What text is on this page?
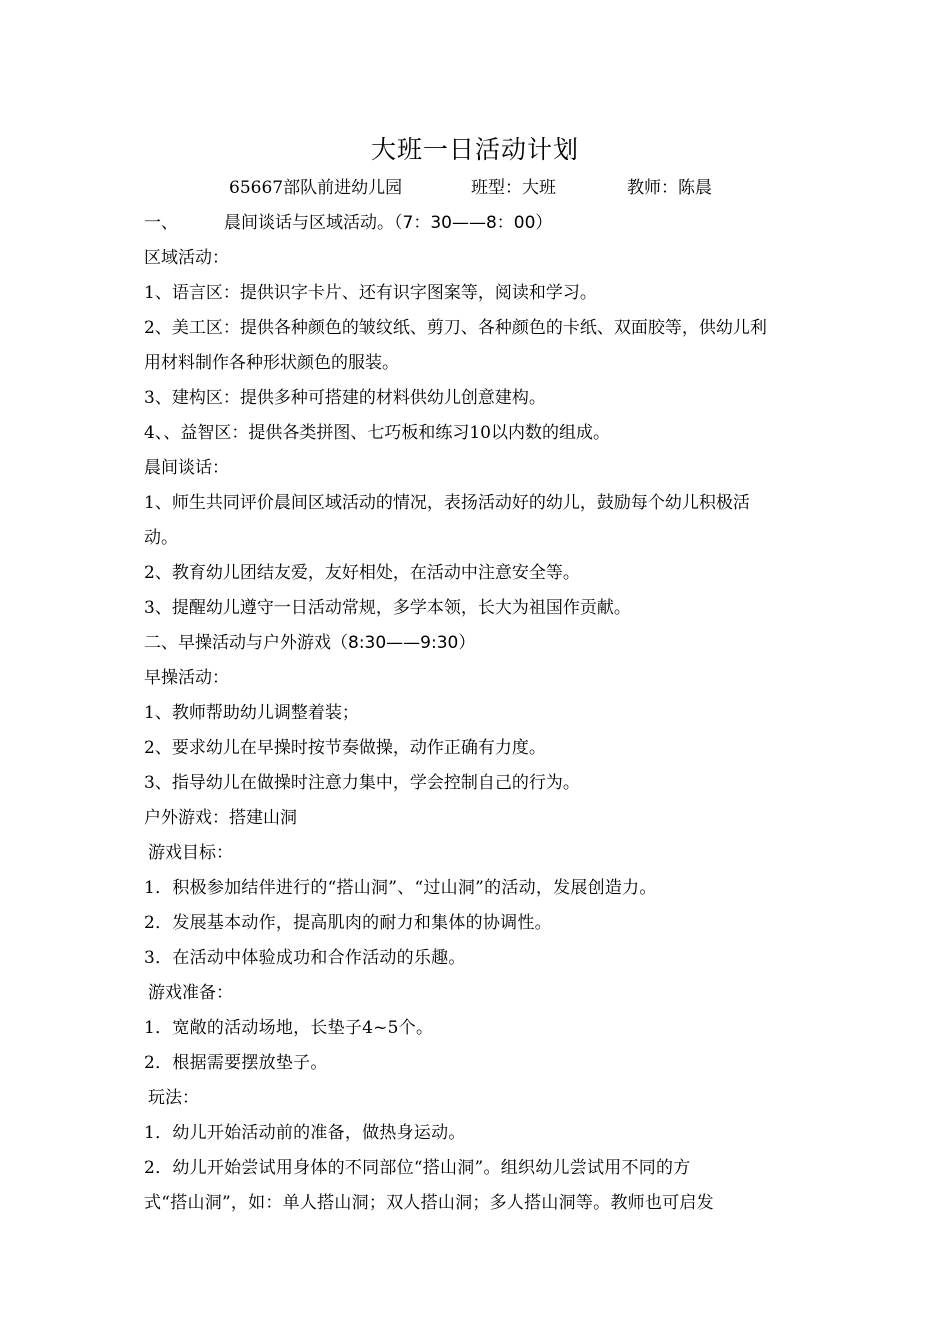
大班一日活动计划
65667部队前进幼儿园	班型：大班	教师：陈晨
一、	晨间谈话与区域活动。（7：30——8：00）
区域活动：
1、语言区：提供识字卡片、还有识字图案等，阅读和学习。
2、美工区：提供各种颜色的皱纹纸、剪刀、各种颜色的卡纸、双面胶等，供幼儿利
用材料制作各种形状颜色的服装。
3、建构区：提供多种可搭建的材料供幼儿创意建构。
4、、益智区：提供各类拼图、七巧板和练习10以内数的组成。
晨间谈话：
1、师生共同评价晨间区域活动的情况，表扬活动好的幼儿，鼓励每个幼儿积极活
动。
2、教育幼儿团结友爱，友好相处，在活动中注意安全等。
3、提醒幼儿遵守一日活动常规，多学本领，长大为祖国作贡献。
二、早操活动与户外游戏（8:30——9:30）
早操活动：
1、教师帮助幼儿调整着装；
2、要求幼儿在早操时按节奏做操，动作正确有力度。
3、指导幼儿在做操时注意力集中，学会控制自己的行为。
户外游戏：搭建山洞
游戏目标：
1．积极参加结伴进行的“搭山洞”、“过山洞”的活动，发展创造力。
2．发展基本动作，提高肌肉的耐力和集体的协调性。
3．在活动中体验成功和合作活动的乐趣。
游戏准备：
1．宽敞的活动场地，长垫子4~5个。
2．根据需要摆放垫子。
玩法：
1．幼儿开始活动前的准备，做热身运动。
2．幼儿开始尝试用身体的不同部位“搭山洞”。组织幼儿尝试用不同的方
式“搭山洞”，如：单人搭山洞；双人搭山洞；多人搭山洞等。教师也可启发
